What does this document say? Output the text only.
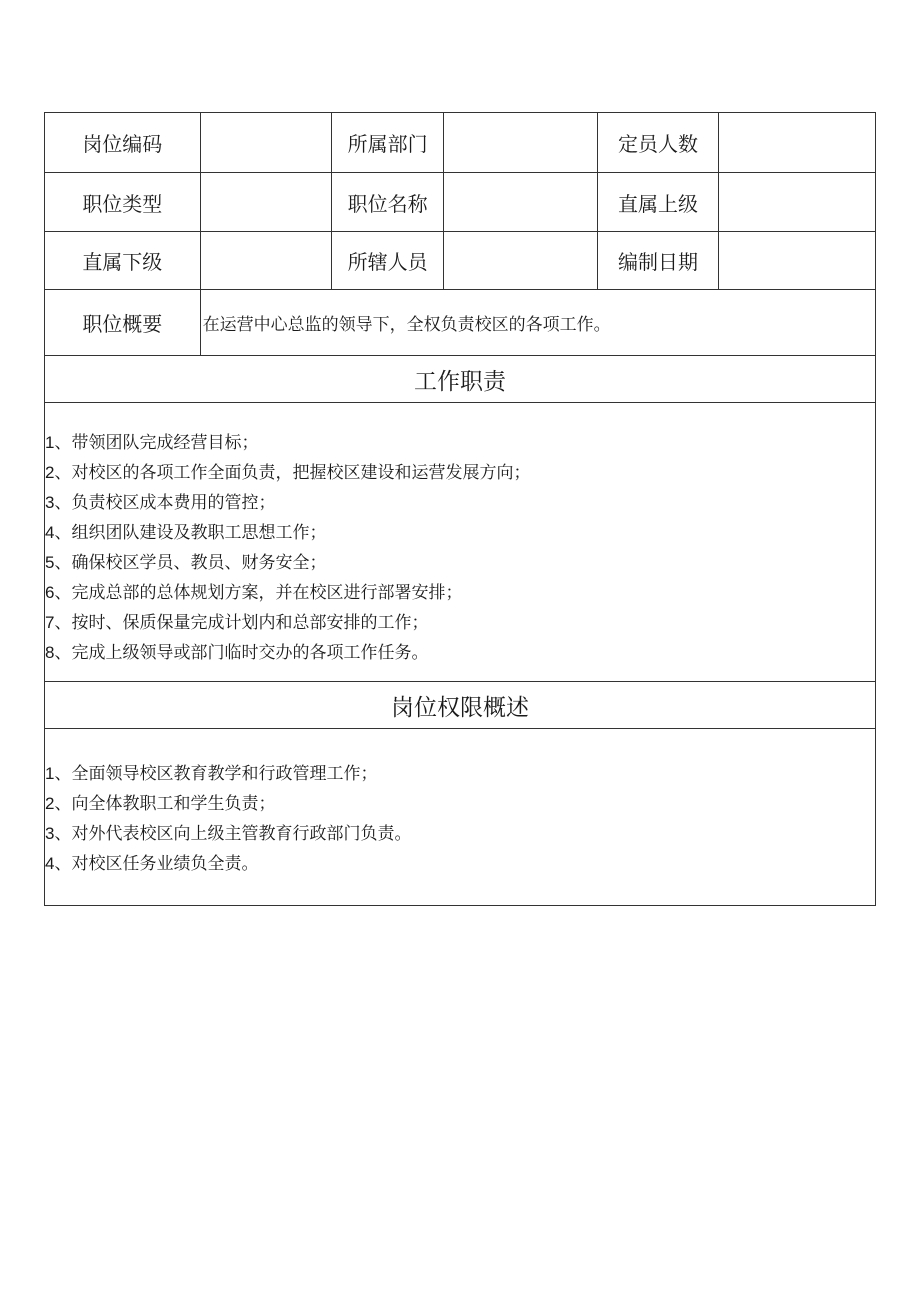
岗位编码	所属部门	定员人数
职位类型	职位名称	直属上级
直属下级	所辖人员	编制日期
职位概要	在运营中心总监的领导下，全权负责校区的各项工作。
工作职责
1、带领团队完成经营目标；
2、对校区的各项工作全面负责，把握校区建设和运营发展方向；
3、负责校区成本费用的管控；
4、组织团队建设及教职工思想工作；
5、确保校区学员、教员、财务安全；
6、完成总部的总体规划方案，并在校区进行部署安排；
7、按时、保质保量完成计划内和总部安排的工作；
8、完成上级领导或部门临时交办的各项工作任务。
岗位权限概述
1、全面领导校区教育教学和行政管理工作；
2、向全体教职工和学生负责；
3、对外代表校区向上级主管教育行政部门负责。
4、对校区任务业绩负全责。
